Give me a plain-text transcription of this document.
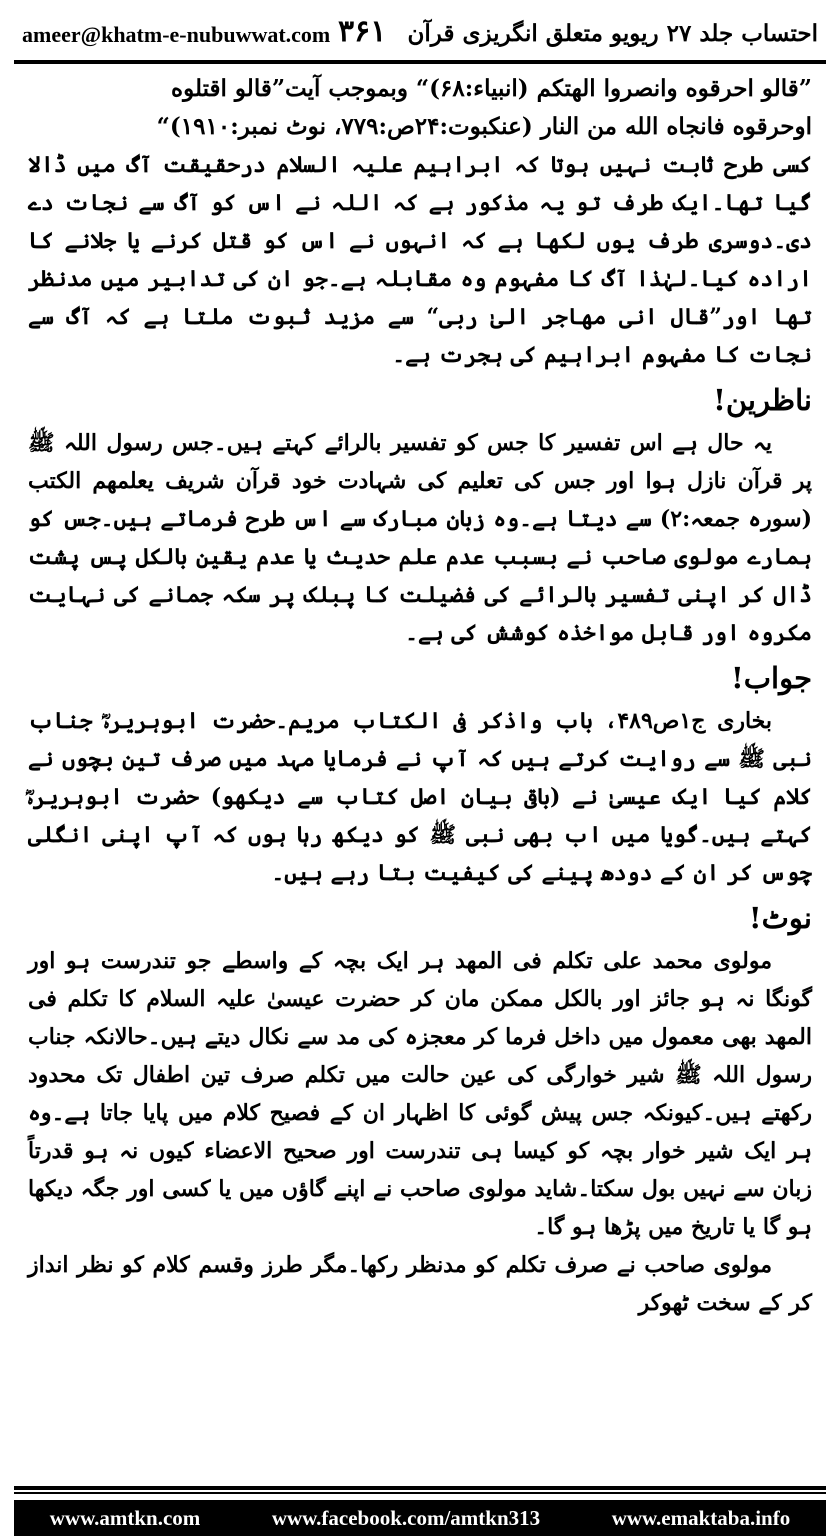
ameer@khatm-e-nubuwwat.com ۳۶۱ احتساب جلد ۲۷ ریویو متعلق انگریزی قرآن

”قالو احرقوه وانصروا الهتكم (انبیاء:۶۸)“ وبموجب آیت”قالو اقتلوه

اوحرقوه فانجاه الله من النار (عنکبوت:۲۴ص:۷۷۹، نوٹ نمبر:۱۹۱۰)“

کسی طرح ثابت نہیں ہوتا کہ ابراہیم علیہ السلام درحقیقت آگ میں ڈالا گیا تھا۔ایک طرف تو یہ مذکور ہے کہ اللہ نے اس کو آگ سے نجات دے دی۔دوسری طرف یوں لکھا ہے کہ انہوں نے اس کو قتل کرنے یا جلانے کا ارادہ کیا۔لہٰذا آگ کا مفہوم وہ مقابلہ ہے۔جو ان کی تدابیر میں مدنظر تھا اور”قال انی مهاجر الیٰ ربی“ سے مزید ثبوت ملتا ہے کہ آگ سے نجات کا مفہوم ابراہیم کی ہجرت ہے۔

ناظرین!

یہ حال ہے اس تفسیر کا جس کو تفسیر بالرائے کہتے ہیں۔جس رسول اللہ ﷺ پر قرآن نازل ہوا اور جس کی تعلیم کی شہادت خود قرآن شریف یعلمهم الکتب (سورہ جمعہ:۲) سے دیتا ہے۔وہ زبان مبارک سے اس طرح فرماتے ہیں۔جس کو ہمارے مولوی صاحب نے بسبب عدم علم حدیث یا عدم یقین بالکل پس پشت ڈال کر اپنی تفسیر بالرائے کی فضیلت کا پبلک پر سکہ جمانے کی نہایت مکروہ اور قابل مواخذہ کوشش کی ہے۔

جواب!

بخاری ج۱ص۴۸۹، باب واذکر فی الکتاب مریم۔حضرت ابوہریرہؓ جناب نبی ﷺ سے روایت کرتے ہیں کہ آپ نے فرمایا مہد میں صرف تین بچوں نے کلام کیا ایک عیسیٰ نے (باقی بیان اصل کتاب سے دیکھو) حضرت ابوہریرہؓ کہتے ہیں۔گویا میں اب بھی نبی ﷺ کو دیکھ رہا ہوں کہ آپ اپنی انگلی چوس کر ان کے دودھ پینے کی کیفیت بتا رہے ہیں۔

نوٹ!

مولوی محمد علی تکلم فی المهد ہر ایک بچہ کے واسطے جو تندرست ہو اور گونگا نہ ہو جائز اور بالکل ممکن مان کر حضرت عیسیٰ علیہ السلام کا تکلم فی المهد بھی معمول میں داخل فرما کر معجزہ کی مد سے نکال دیتے ہیں۔حالانکہ جناب رسول اللہ ﷺ شیر خوارگی کی عین حالت میں تکلم صرف تین اطفال تک محدود رکھتے ہیں۔کیونکہ جس پیش گوئی کا اظہار ان کے فصیح کلام میں پایا جاتا ہے۔وہ ہر ایک شیر خوار بچہ کو کیسا ہی تندرست اور صحیح الاعضاء کیوں نہ ہو قدرتاً زبان سے نہیں بول سکتا۔شاید مولوی صاحب نے اپنے گاؤں میں یا کسی اور جگہ دیکھا ہو گا یا تاریخ میں پڑھا ہو گا۔

مولوی صاحب نے صرف تکلم کو مدنظر رکھا۔مگر طرز وقسم کلام کو نظر انداز کر کے سخت ٹھوکر

www.amtkn.com	www.facebook.com/amtkn313	www.emaktaba.info
